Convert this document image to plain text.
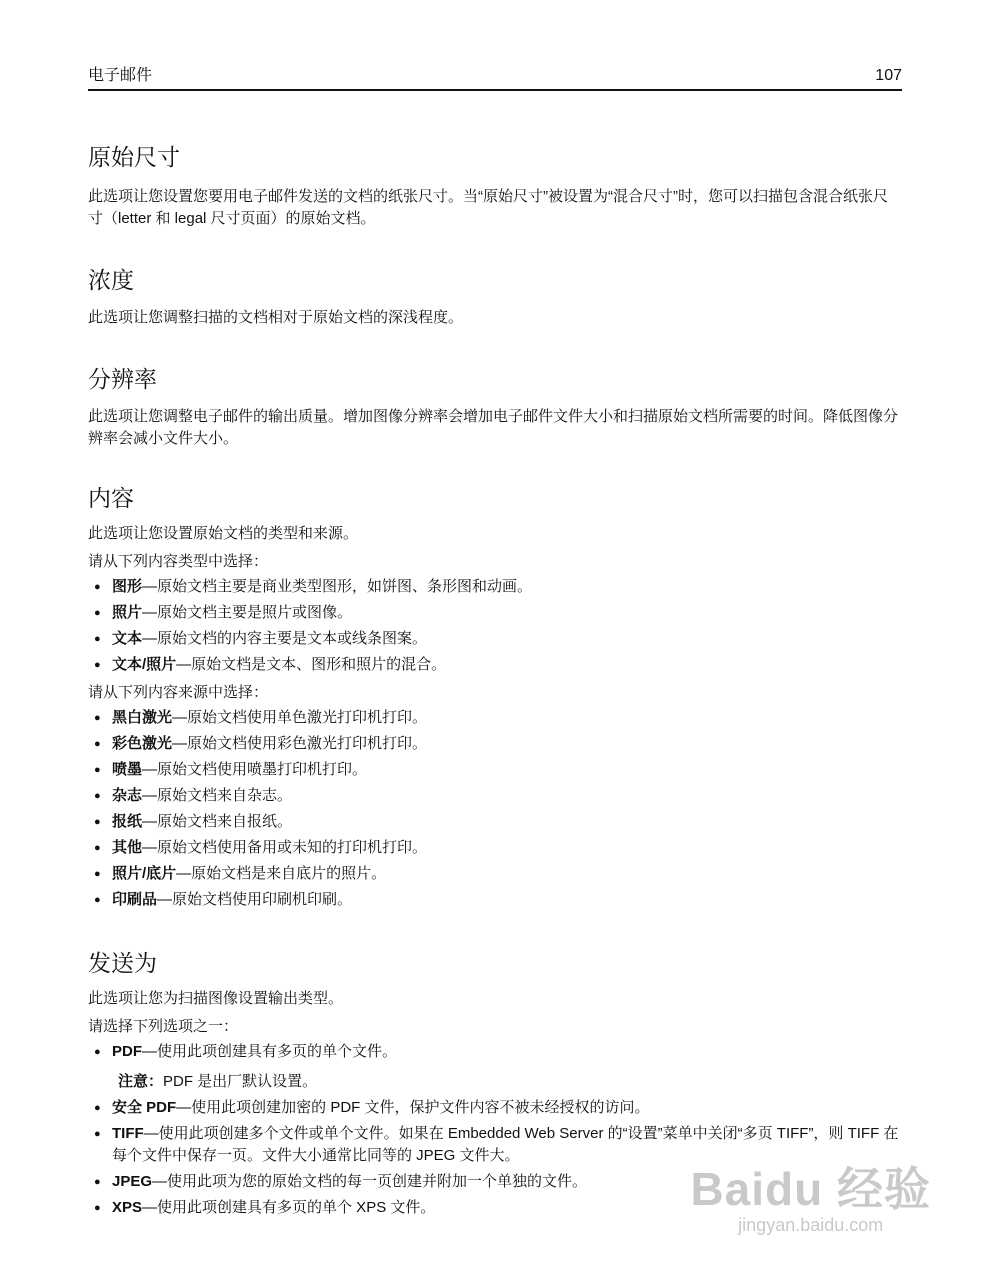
电子邮件	107
原始尺寸

此选项让您设置您要用电子邮件发送的文档的纸张尺寸。当“原始尺寸”被设置为“混合尺寸”时，您可以扫描包含混合纸张尺寸（letter 和 legal 尺寸页面）的原始文档。

浓度

此选项让您调整扫描的文档相对于原始文档的深浅程度。

分辨率

此选项让您调整电子邮件的输出质量。增加图像分辨率会增加电子邮件文件大小和扫描原始文档所需要的时间。降低图像分辨率会减小文件大小。

内容

此选项让您设置原始文档的类型和来源。

请从下列内容类型中选择：

● 图形—原始文档主要是商业类型图形，如饼图、条形图和动画。
● 照片—原始文档主要是照片或图像。
● 文本—原始文档的内容主要是文本或线条图案。
● 文本/照片—原始文档是文本、图形和照片的混合。

请从下列内容来源中选择：

● 黑白激光—原始文档使用单色激光打印机打印。
● 彩色激光—原始文档使用彩色激光打印机打印。
● 喷墨—原始文档使用喷墨打印机打印。
● 杂志—原始文档来自杂志。
● 报纸—原始文档来自报纸。
● 其他—原始文档使用备用或未知的打印机打印。
● 照片/底片—原始文档是来自底片的照片。
● 印刷品—原始文档使用印刷机印刷。
发送为

此选项让您为扫描图像设置输出类型。

请选择下列选项之一：

● PDF—使用此项创建具有多页的单个文件。

注意：PDF 是出厂默认设置。

● 安全 PDF—使用此项创建加密的 PDF 文件，保护文件内容不被未经授权的访问。
● TIFF—使用此项创建多个文件或单个文件。如果在 Embedded Web Server 的“设置”菜单中关闭“多页 TIFF”，则 TIFF 在每个文件中保存一页。文件大小通常比同等的 JPEG 文件大。
● JPEG—使用此项为您的原始文档的每一页创建并附加一个单独的文件。
● XPS—使用此项创建具有多页的单个 XPS 文件。	Baidu 经验
jingyan.baidu.com
